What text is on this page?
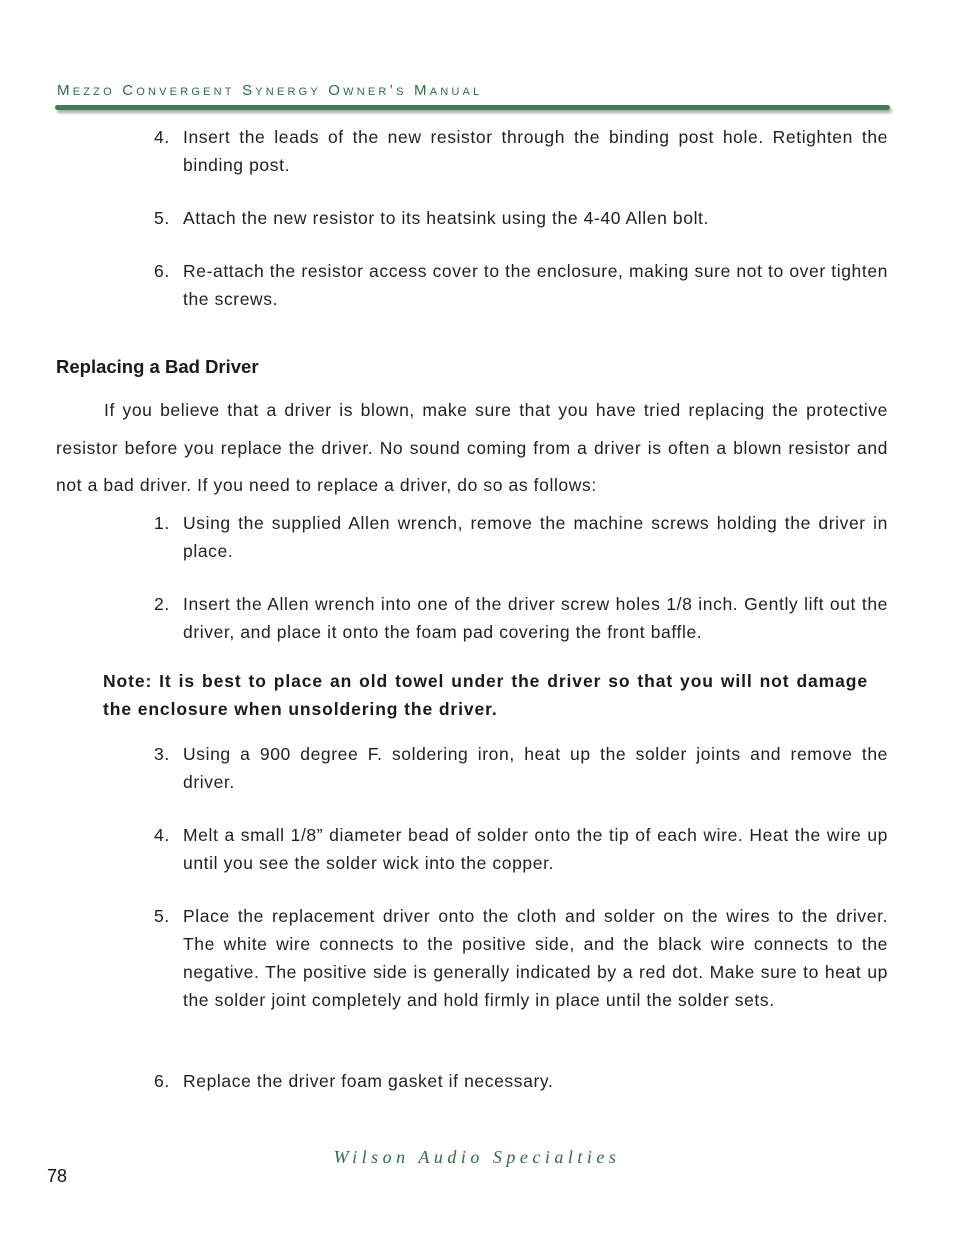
Mezzo Convergent Synergy Owner’s Manual
4. Insert the leads of the new resistor through the binding post hole. Retighten the binding post.
5. Attach the new resistor to its heatsink using the 4-40 Allen bolt.
6. Re-attach the resistor access cover to the enclosure, making sure not to over tighten the screws.
Replacing a Bad Driver

If you believe that a driver is blown, make sure that you have tried replacing the protective resistor before you replace the driver. No sound coming from a driver is often a blown resistor and not a bad driver. If you need to replace a driver, do so as follows:

1. Using the supplied Allen wrench, remove the machine screws holding the driver in place.
2. Insert the Allen wrench into one of the driver screw holes 1/8 inch. Gently lift out the driver, and place it onto the foam pad covering the front baffle.
Note: It is best to place an old towel under the driver so that you will not damage the enclosure when unsoldering the driver.
3. Using a 900 degree F. soldering iron, heat up the solder joints and remove the driver.
4. Melt a small 1/8” diameter bead of solder onto the tip of each wire. Heat the wire up until you see the solder wick into the copper.
5. Place the replacement driver onto the cloth and solder on the wires to the driver. The white wire connects to the positive side, and the black wire connects to the negative. The positive side is generally indicated by a red dot. Make sure to heat up the solder joint completely and hold firmly in place until the solder sets.
6. Replace the driver foam gasket if necessary.
Wilson Audio Specialties
78
